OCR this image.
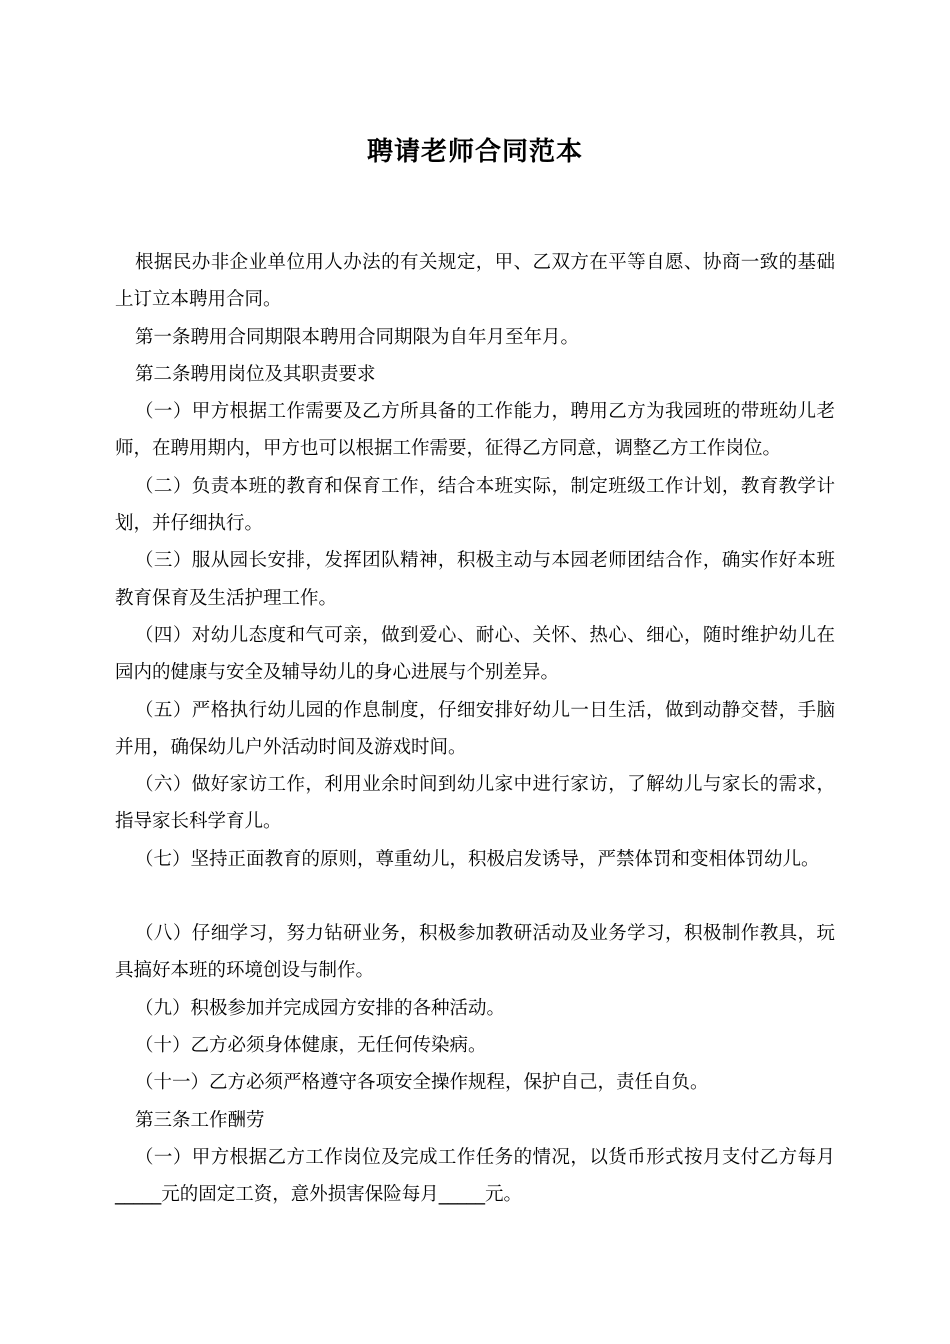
聘请老师合同范本

根据民办非企业单位用人办法的有关规定，甲、乙双方在平等自愿、协商一致的基础上订立本聘用合同。

第一条聘用合同期限本聘用合同期限为自年月至年月。

第二条聘用岗位及其职责要求

（一）甲方根据工作需要及乙方所具备的工作能力，聘用乙方为我园班的带班幼儿老师，在聘用期内，甲方也可以根据工作需要，征得乙方同意，调整乙方工作岗位。

（二）负责本班的教育和保育工作，结合本班实际，制定班级工作计划，教育教学计划，并仔细执行。

（三）服从园长安排，发挥团队精神，积极主动与本园老师团结合作，确实作好本班教育保育及生活护理工作。

（四）对幼儿态度和气可亲，做到爱心、耐心、关怀、热心、细心，随时维护幼儿在园内的健康与安全及辅导幼儿的身心进展与个别差异。

（五）严格执行幼儿园的作息制度，仔细安排好幼儿一日生活，做到动静交替，手脑并用，确保幼儿户外活动时间及游戏时间。

（六）做好家访工作，利用业余时间到幼儿家中进行家访，了解幼儿与家长的需求，指导家长科学育儿。

（七）坚持正面教育的原则，尊重幼儿，积极启发诱导，严禁体罚和变相体罚幼儿。

（八）仔细学习，努力钻研业务，积极参加教研活动及业务学习，积极制作教具，玩具搞好本班的环境创设与制作。

（九）积极参加并完成园方安排的各种活动。

（十）乙方必须身体健康，无任何传染病。

（十一）乙方必须严格遵守各项安全操作规程，保护自己，责任自负。

第三条工作酬劳

（一）甲方根据乙方工作岗位及完成工作任务的情况，以货币形式按月支付乙方每月_____元的固定工资，意外损害保险每月_____元。
